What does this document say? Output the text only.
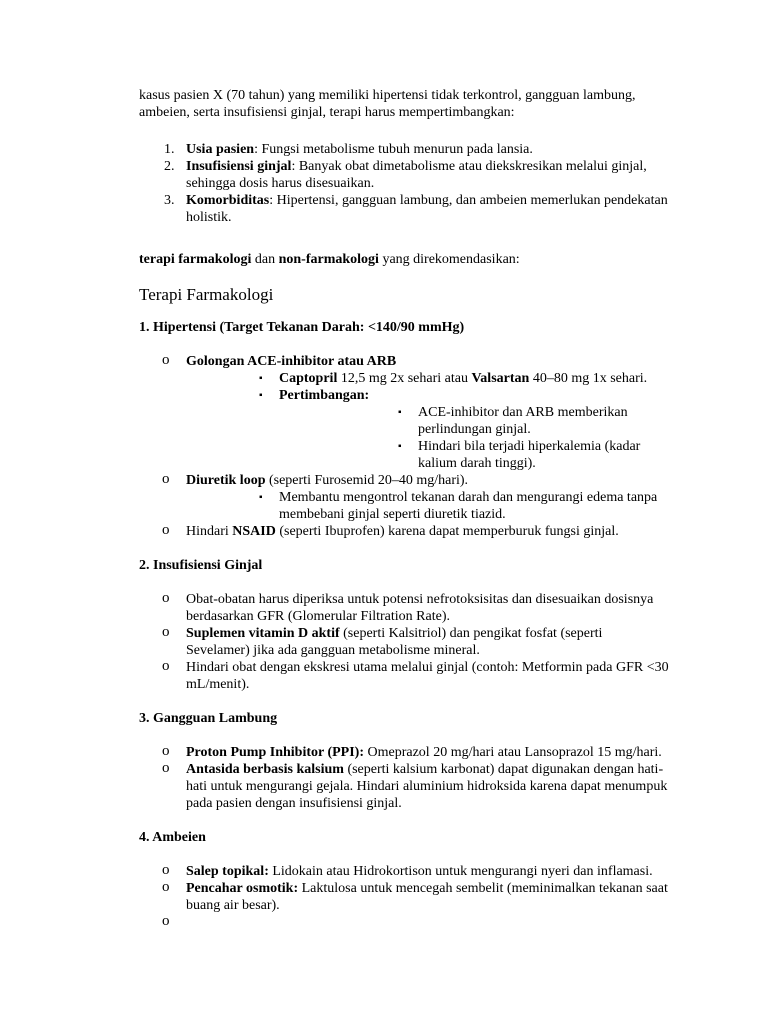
kasus pasien X (70 tahun) yang memiliki hipertensi tidak terkontrol, gangguan lambung, ambeien, serta insufisiensi ginjal, terapi harus mempertimbangkan:

1. Usia pasien: Fungsi metabolisme tubuh menurun pada lansia.
2. Insufisiensi ginjal: Banyak obat dimetabolisme atau diekskresikan melalui ginjal, sehingga dosis harus disesuaikan.
3. Komorbiditas: Hipertensi, gangguan lambung, dan ambeien memerlukan pendekatan holistik.

terapi farmakologi dan non-farmakologi yang direkomendasikan:

Terapi Farmakologi
1. Hipertensi (Target Tekanan Darah: <140/90 mmHg)
o Golongan ACE-inhibitor atau ARB
▪ Captopril 12,5 mg 2x sehari atau Valsartan 40–80 mg 1x sehari.
▪ Pertimbangan:
▪ ACE-inhibitor dan ARB memberikan perlindungan ginjal.
▪ Hindari bila terjadi hiperkalemia (kadar kalium darah tinggi).
o Diuretik loop (seperti Furosemid 20–40 mg/hari).
▪ Membantu mengontrol tekanan darah dan mengurangi edema tanpa membebani ginjal seperti diuretik tiazid.
o Hindari NSAID (seperti Ibuprofen) karena dapat memperburuk fungsi ginjal.
2. Insufisiensi Ginjal
o Obat-obatan harus diperiksa untuk potensi nefrotoksisitas dan disesuaikan dosisnya berdasarkan GFR (Glomerular Filtration Rate).
o Suplemen vitamin D aktif (seperti Kalsitriol) dan pengikat fosfat (seperti Sevelamer) jika ada gangguan metabolisme mineral.
o Hindari obat dengan ekskresi utama melalui ginjal (contoh: Metformin pada GFR <30 mL/menit).
3. Gangguan Lambung
o Proton Pump Inhibitor (PPI): Omeprazol 20 mg/hari atau Lansoprazol 15 mg/hari.
o Antasida berbasis kalsium (seperti kalsium karbonat) dapat digunakan dengan hati-hati untuk mengurangi gejala. Hindari aluminium hidroksida karena dapat menumpuk pada pasien dengan insufisiensi ginjal.
4. Ambeien
o Salep topikal: Lidokain atau Hidrokortison untuk mengurangi nyeri dan inflamasi.
o Pencahar osmotik: Laktulosa untuk mencegah sembelit (meminimalkan tekanan saat buang air besar).
o
